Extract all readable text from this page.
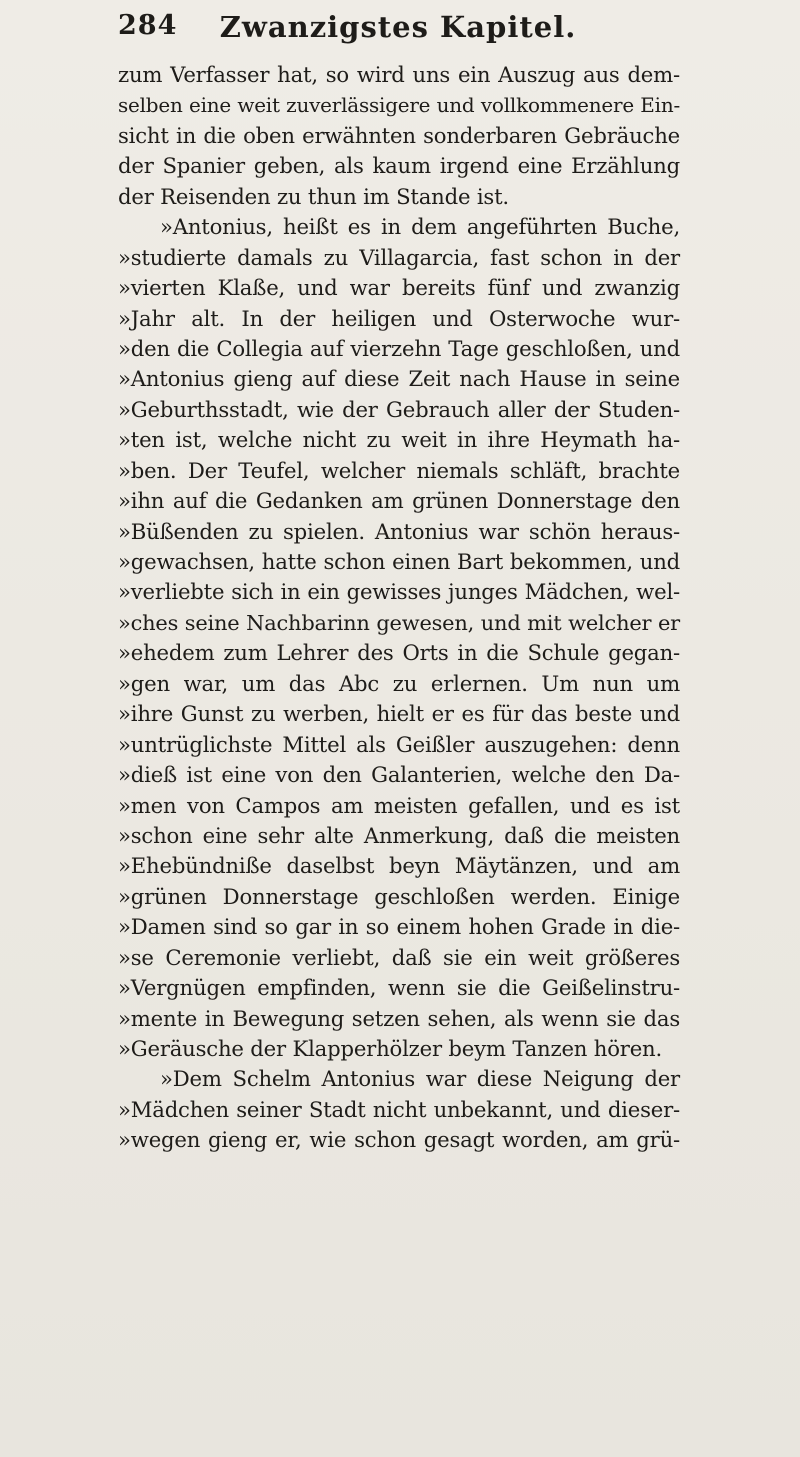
284	Zwanzigstes Kapitel.
zum Verfasser hat, so wird uns ein Auszug aus dem-
selben eine weit zuverlässigere und vollkommenere Ein-
sicht in die oben erwähnten sonderbaren Gebräuche
der Spanier geben, als kaum irgend eine Erzählung
der Reisenden zu thun im Stande ist.
»Antonius, heißt es in dem angeführten Buche,
»studierte damals zu Villagarcia, fast schon in der
»vierten Klaße, und war bereits fünf und zwanzig
»Jahr alt. In der heiligen und Osterwoche wur-
»den die Collegia auf vierzehn Tage geschloßen, und
»Antonius gieng auf diese Zeit nach Hause in seine
»Geburthsstadt, wie der Gebrauch aller der Studen-
»ten ist, welche nicht zu weit in ihre Heymath ha-
»ben. Der Teufel, welcher niemals schläft, brachte
»ihn auf die Gedanken am grünen Donnerstage den
»Büßenden zu spielen. Antonius war schön heraus-
»gewachsen, hatte schon einen Bart bekommen, und
»verliebte sich in ein gewisses junges Mädchen, wel-
»ches seine Nachbarinn gewesen, und mit welcher er
»ehedem zum Lehrer des Orts in die Schule gegan-
»gen war, um das Abc zu erlernen. Um nun um
»ihre Gunst zu werben, hielt er es für das beste und
»untrüglichste Mittel als Geißler auszugehen: denn
»dieß ist eine von den Galanterien, welche den Da-
»men von Campos am meisten gefallen, und es ist
»schon eine sehr alte Anmerkung, daß die meisten
»Ehebündniße daselbst beyn Mäytänzen, und am
»grünen Donnerstage geschloßen werden. Einige
»Damen sind so gar in so einem hohen Grade in die-
»se Ceremonie verliebt, daß sie ein weit größeres
»Vergnügen empfinden, wenn sie die Geißelinstru-
»mente in Bewegung setzen sehen, als wenn sie das
»Geräusche der Klapperhölzer beym Tanzen hören.
»Dem Schelm Antonius war diese Neigung der
»Mädchen seiner Stadt nicht unbekannt, und dieser-
»wegen gieng er, wie schon gesagt worden, am grü-
